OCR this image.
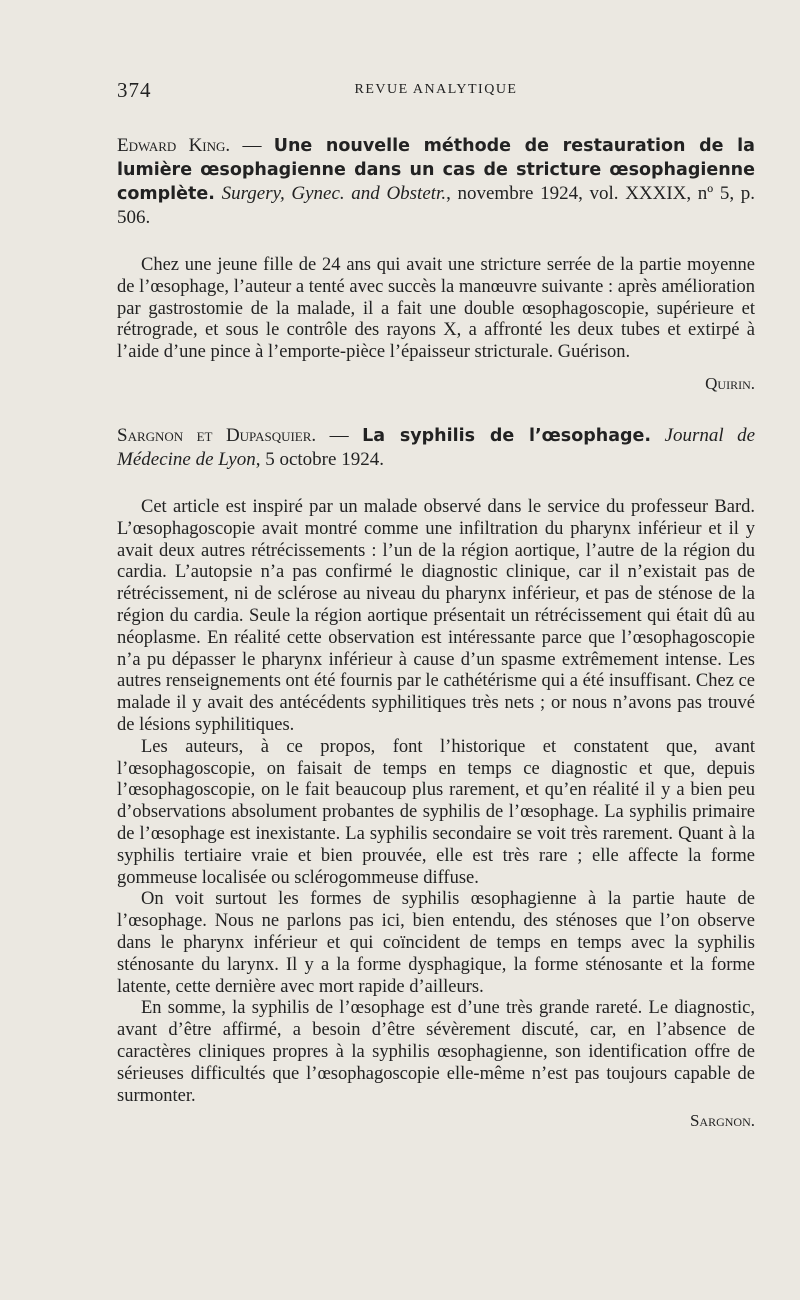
374	REVUE ANALYTIQUE

Edward King. — Une nouvelle méthode de restauration de la lumière œsophagienne dans un cas de stricture œsophagienne complète. Surgery, Gynec. and Obstetr., novembre 1924, vol. XXXIX, nº 5, p. 506.

Chez une jeune fille de 24 ans qui avait une stricture serrée de la partie moyenne de l’œsophage, l’auteur a tenté avec succès la manœuvre suivante : après amélioration par gastrostomie de la malade, il a fait une double œsophagoscopie, supérieure et rétrograde, et sous le contrôle des rayons X, a affronté les deux tubes et extirpé à l’aide d’une pince à l’emporte-pièce l’épaisseur stricturale. Guérison.

Quirin.

Sargnon et Dupasquier. — La syphilis de l’œsophage. Journal de Médecine de Lyon, 5 octobre 1924.

Cet article est inspiré par un malade observé dans le service du professeur Bard. L’œsophagoscopie avait montré comme une infiltration du pharynx inférieur et il y avait deux autres rétrécissements : l’un de la région aortique, l’autre de la région du cardia. L’autopsie n’a pas confirmé le diagnostic clinique, car il n’existait pas de rétrécissement, ni de sclérose au niveau du pharynx inférieur, et pas de sténose de la région du cardia. Seule la région aortique présentait un rétrécissement qui était dû au néoplasme. En réalité cette observation est intéressante parce que l’œsophagoscopie n’a pu dépasser le pharynx inférieur à cause d’un spasme extrêmement intense. Les autres renseignements ont été fournis par le cathétérisme qui a été insuffisant. Chez ce malade il y avait des antécédents syphilitiques très nets ; or nous n’avons pas trouvé de lésions syphilitiques.

Les auteurs, à ce propos, font l’historique et constatent que, avant l’œsophagoscopie, on faisait de temps en temps ce diagnostic et que, depuis l’œsophagoscopie, on le fait beaucoup plus rarement, et qu’en réalité il y a bien peu d’observations absolument probantes de syphilis de l’œsophage. La syphilis primaire de l’œsophage est inexistante. La syphilis secondaire se voit très rarement. Quant à la syphilis tertiaire vraie et bien prouvée, elle est très rare ; elle affecte la forme gommeuse localisée ou sclérogommeuse diffuse.

On voit surtout les formes de syphilis œsophagienne à la partie haute de l’œsophage. Nous ne parlons pas ici, bien entendu, des sténoses que l’on observe dans le pharynx inférieur et qui coïncident de temps en temps avec la syphilis sténosante du larynx. Il y a la forme dysphagique, la forme sténosante et la forme latente, cette dernière avec mort rapide d’ailleurs.

En somme, la syphilis de l’œsophage est d’une très grande rareté. Le diagnostic, avant d’être affirmé, a besoin d’être sévèrement discuté, car, en l’absence de caractères cliniques propres à la syphilis œsophagienne, son identification offre de sérieuses difficultés que l’œsophagoscopie elle-même n’est pas toujours capable de surmonter.

Sargnon.
